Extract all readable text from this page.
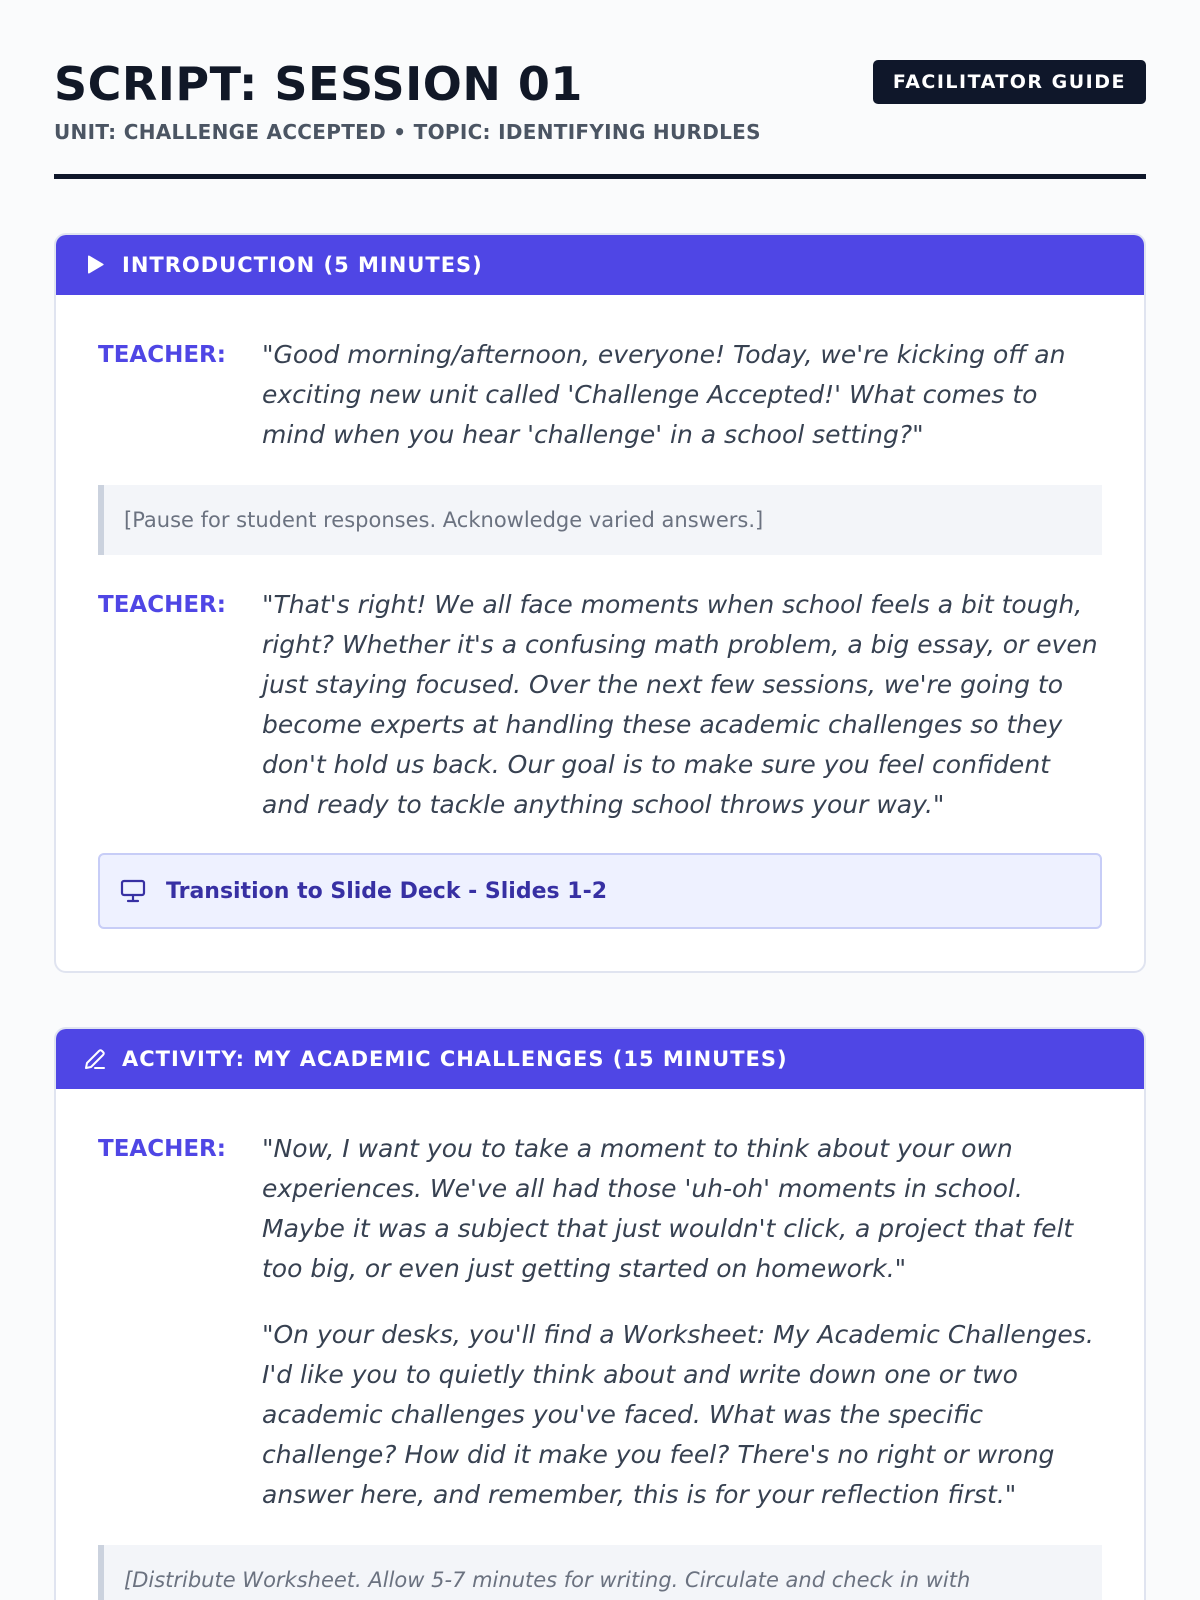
SCRIPT: SESSION 01
UNIT: CHALLENGE ACCEPTED • TOPIC: IDENTIFYING HURDLES
FACILITATOR GUIDE
INTRODUCTION (5 MINUTES)
TEACHER:	"Good morning/afternoon, everyone! Today, we're kicking off an exciting new unit called 'Challenge Accepted!' What comes to mind when you hear 'challenge' in a school setting?"

[Pause for student responses. Acknowledge varied answers.]
TEACHER:	"That's right! We all face moments when school feels a bit tough, right? Whether it's a confusing math problem, a big essay, or even just staying focused. Over the next few sessions, we're going to become experts at handling these academic challenges so they don't hold us back. Our goal is to make sure you feel confident and ready to tackle anything school throws your way."

Transition to Slide Deck - Slides 1-2
ACTIVITY: MY ACADEMIC CHALLENGES (15 MINUTES)
TEACHER:	"Now, I want you to take a moment to think about your own experiences. We've all had those 'uh-oh' moments in school. Maybe it was a subject that just wouldn't click, a project that felt too big, or even just getting started on homework."

"On your desks, you'll find a Worksheet: My Academic Challenges. I'd like you to quietly think about and write down one or two academic challenges you've faced. What was the specific challenge? How did it make you feel? There's no right or wrong answer here, and remember, this is for your reflection first."

[Distribute Worksheet. Allow 5-7 minutes for writing. Circulate and check in with
